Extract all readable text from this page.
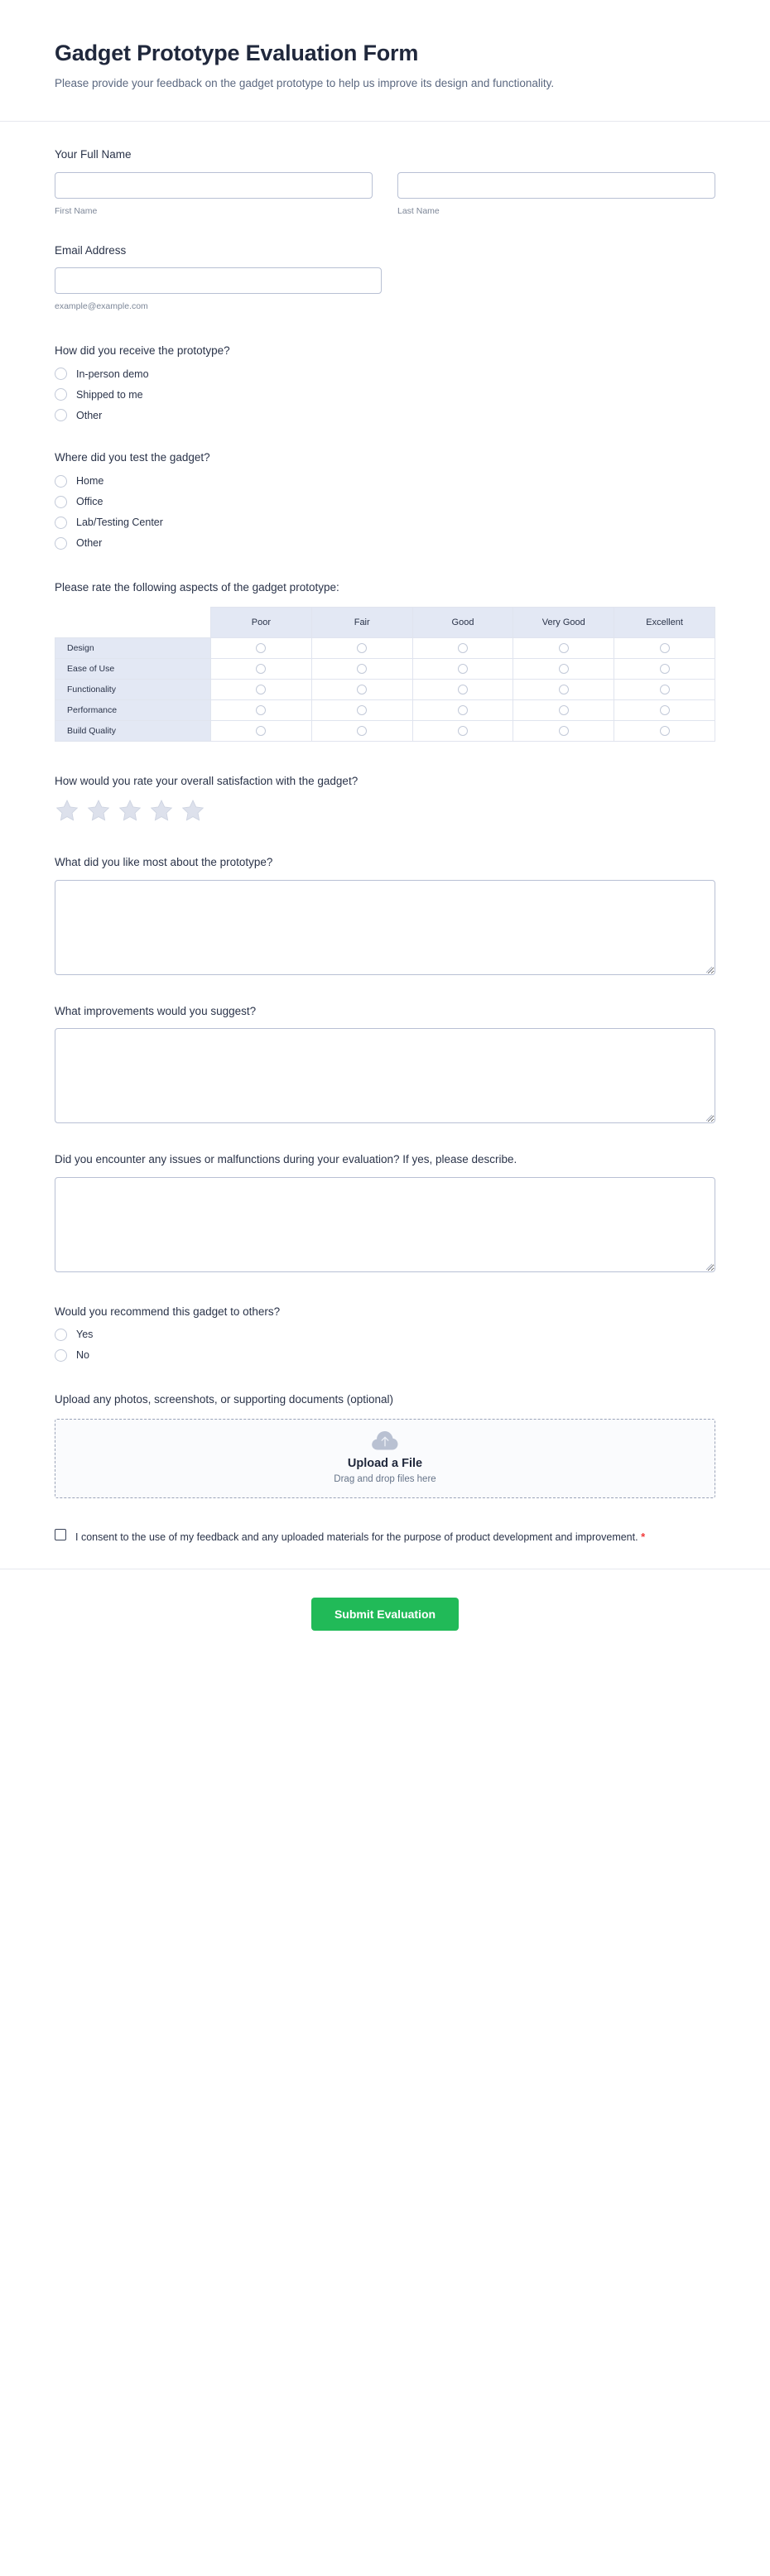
Gadget Prototype Evaluation Form

Please provide your feedback on the gadget prototype to help us improve its design and functionality.

Your Full Name
First Name	Last Name
Email Address
example@example.com
How did you receive the prototype?
In-person demo
Shipped to me
Other
Where did you test the gadget?
Home
Office
Lab/Testing Center
Other
Please rate the following aspects of the gadget prototype:
	Poor	Fair	Good	Very Good	Excellent
Design					
Ease of Use					
Functionality					
Performance					
Build Quality					
How would you rate your overall satisfaction with the gadget?
What did you like most about the prototype?
What improvements would you suggest?
Did you encounter any issues or malfunctions during your evaluation? If yes, please describe.
Would you recommend this gadget to others?
Yes
No
Upload any photos, screenshots, or supporting documents (optional)
Upload a File
Drag and drop files here
I consent to the use of my feedback and any uploaded materials for the purpose of product development and improvement. *
Submit Evaluation
